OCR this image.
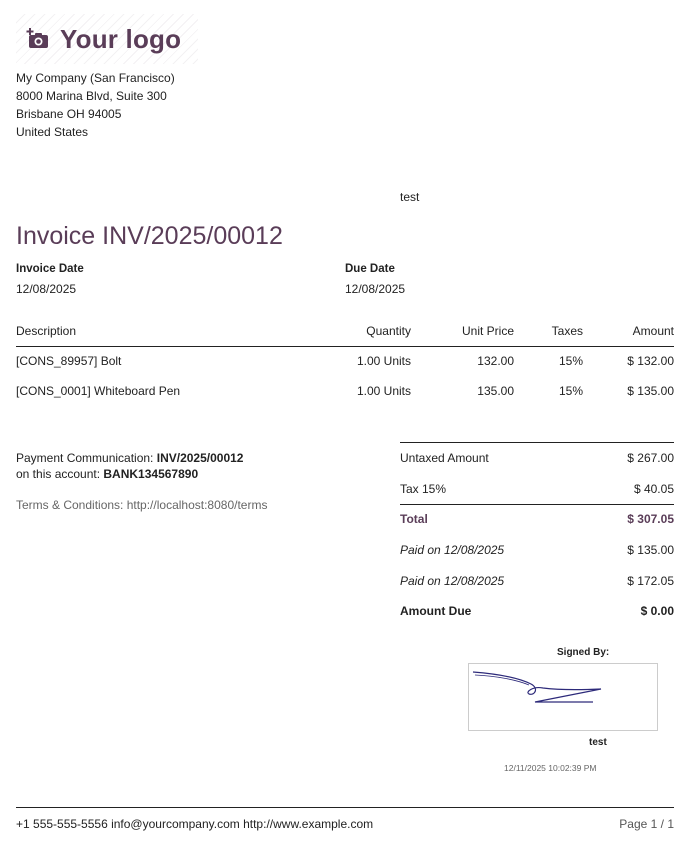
Your logo
My Company (San Francisco)
8000 Marina Blvd, Suite 300
Brisbane OH 94005
United States
test
Invoice INV/2025/00012
Invoice Date
12/08/2025
Due Date
12/08/2025
Description	Quantity	Unit Price	Taxes	Amount
[CONS_89957] Bolt	1.00 Units	132.00	15%	$ 132.00
[CONS_0001] Whiteboard Pen	1.00 Units	135.00	15%	$ 135.00
Payment Communication: INV/2025/00012
on this account: BANK134567890
Terms & Conditions: http://localhost:8080/terms
Untaxed Amount	$ 267.00
Tax 15%	$ 40.05
Total	$ 307.05
Paid on 12/08/2025	$ 135.00
Paid on 12/08/2025	$ 172.05
Amount Due	$ 0.00
Signed By:
test
12/11/2025 10:02:39 PM
+1 555-555-5556 info@yourcompany.com http://www.example.com	Page 1 / 1
